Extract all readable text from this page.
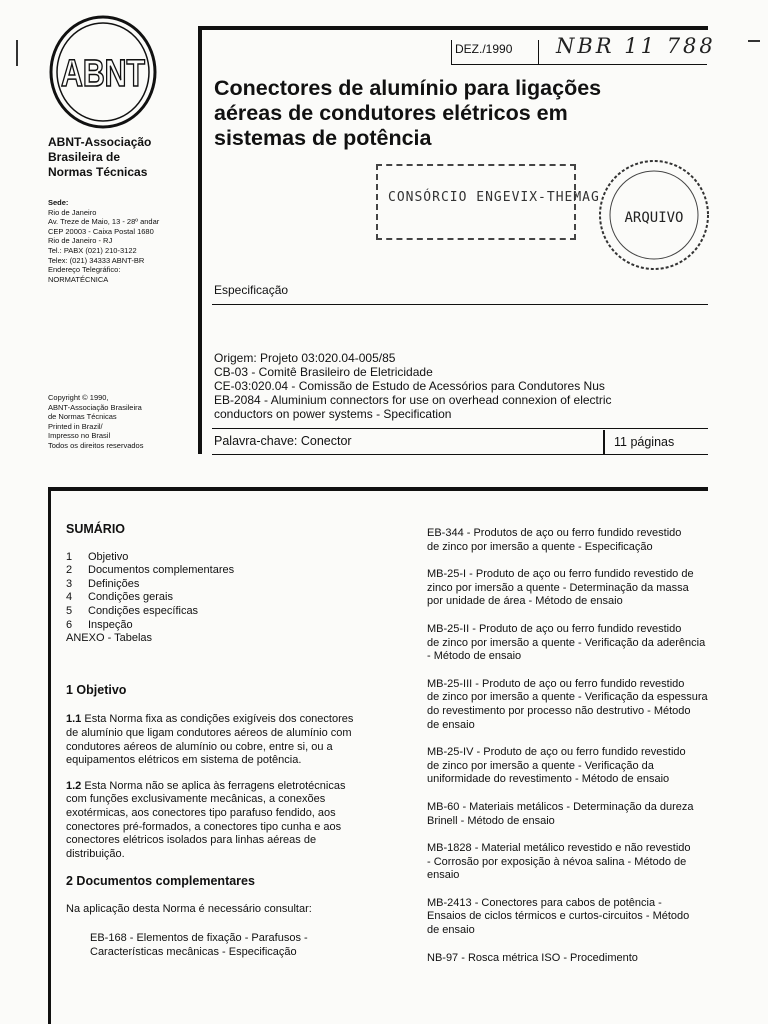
ABNT
ABNT-Associação
Brasileira de
Normas Técnicas
Sede:
Rio de Janeiro
Av. Treze de Maio, 13 - 28º andar
CEP 20003 - Caixa Postal 1680
Rio de Janeiro - RJ
Tel.: PABX (021) 210-3122
Telex: (021) 34333 ABNT-BR
Endereço Telegráfico:
NORMATÉCNICA
Copyright © 1990,
ABNT-Associação Brasileira
de Normas Técnicas
Printed in Brazil/
Impresso no Brasil
Todos os direitos reservados
DEZ./1990 NBR 11 788
Conectores de alumínio para ligações
aéreas de condutores elétricos em
sistemas de potência
CONSÓRCIO ENGEVIX-THEMAG
ARQUIVO
Especificação
Origem: Projeto 03:020.04-005/85
CB-03 - Comitê Brasileiro de Eletricidade
CE-03:020.04 - Comissão de Estudo de Acessórios para Condutores Nus
EB-2084 - Aluminium connectors for use on overhead connexion of electric
conductors on power systems - Specification
Palavra-chave: Conector	11 páginas
SUMÁRIO
1 Objetivo
2 Documentos complementares
3 Definições
4 Condições gerais
5 Condições específicas
6 Inspeção
ANEXO - Tabelas
1 Objetivo
1.1 Esta Norma fixa as condições exigíveis dos conectores
de alumínio que ligam condutores aéreos de alumínio com
condutores aéreos de alumínio ou cobre, entre si, ou a
equipamentos elétricos em sistema de potência.
1.2 Esta Norma não se aplica às ferragens eletrotécnicas
com funções exclusivamente mecânicas, a conexões
exotérmicas, aos conectores tipo parafuso fendido, aos
conectores pré-formados, a conectores tipo cunha e aos
conectores elétricos isolados para linhas aéreas de
distribuição.
2 Documentos complementares
Na aplicação desta Norma é necessário consultar:
EB-168 - Elementos de fixação - Parafusos -
Características mecânicas - Especificação
EB-344 - Produtos de aço ou ferro fundido revestido
de zinco por imersão a quente - Especificação
MB-25-I - Produto de aço ou ferro fundido revestido de
zinco por imersão a quente - Determinação da massa
por unidade de área - Método de ensaio
MB-25-II - Produto de aço ou ferro fundido revestido
de zinco por imersão a quente - Verificação da aderência
- Método de ensaio
MB-25-III - Produto de aço ou ferro fundido revestido
de zinco por imersão a quente - Verificação da espessura
do revestimento por processo não destrutivo - Método
de ensaio
MB-25-IV - Produto de aço ou ferro fundido revestido
de zinco por imersão a quente - Verificação da
uniformidade do revestimento - Método de ensaio
MB-60 - Materiais metálicos - Determinação da dureza
Brinell - Método de ensaio
MB-1828 - Material metálico revestido e não revestido
- Corrosão por exposição à névoa salina - Método de
ensaio
MB-2413 - Conectores para cabos de potência -
Ensaios de ciclos térmicos e curtos-circuitos - Método
de ensaio
NB-97 - Rosca métrica ISO - Procedimento
